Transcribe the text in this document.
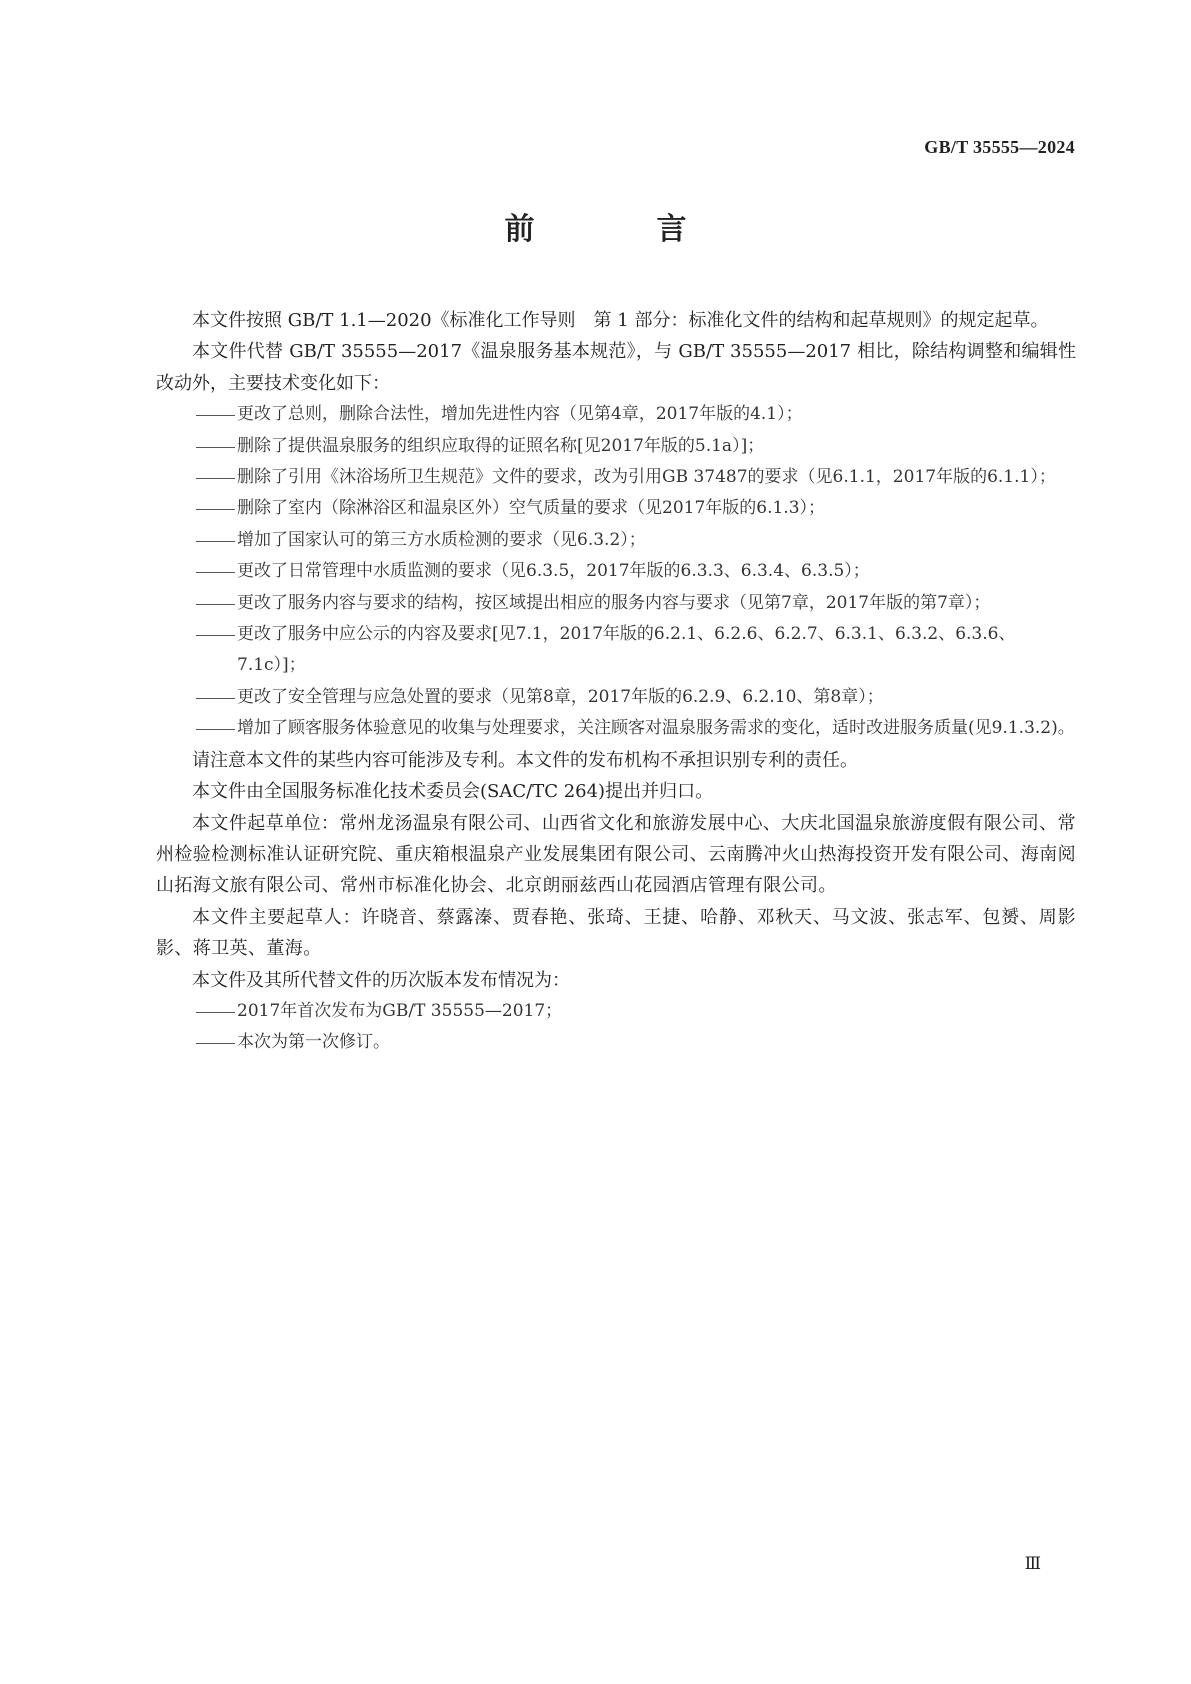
GB/T 35555—2024
前　言

本文件按照 GB/T 1.1—2020《标准化工作导则　第 1 部分：标准化文件的结构和起草规则》的规定起草。

本文件代替 GB/T 35555—2017《温泉服务基本规范》，与 GB/T 35555—2017 相比，除结构调整和编辑性改动外，主要技术变化如下：

更改了总则，删除合法性，增加先进性内容（见第4章，2017年版的4.1）；

删除了提供温泉服务的组织应取得的证照名称[见2017年版的5.1a）]；

删除了引用《沐浴场所卫生规范》文件的要求，改为引用GB 37487的要求（见6.1.1，2017年版的6.1.1）；

删除了室内（除淋浴区和温泉区外）空气质量的要求（见2017年版的6.1.3）；

增加了国家认可的第三方水质检测的要求（见6.3.2）；

更改了日常管理中水质监测的要求（见6.3.5，2017年版的6.3.3、6.3.4、6.3.5）；

更改了服务内容与要求的结构，按区域提出相应的服务内容与要求（见第7章，2017年版的第7章）；

更改了服务中应公示的内容及要求[见7.1，2017年版的6.2.1、6.2.6、6.2.7、6.3.1、6.3.2、6.3.6、7.1c）]；

更改了安全管理与应急处置的要求（见第8章，2017年版的6.2.9、6.2.10、第8章）；

增加了顾客服务体验意见的收集与处理要求，关注顾客对温泉服务需求的变化，适时改进服务质量(见9.1.3.2)。

请注意本文件的某些内容可能涉及专利。本文件的发布机构不承担识别专利的责任。

本文件由全国服务标准化技术委员会(SAC/TC 264)提出并归口。

本文件起草单位：常州龙汤温泉有限公司、山西省文化和旅游发展中心、大庆北国温泉旅游度假有限公司、常州检验检测标准认证研究院、重庆箱根温泉产业发展集团有限公司、云南腾冲火山热海投资开发有限公司、海南阅山拓海文旅有限公司、常州市标准化协会、北京朗丽兹西山花园酒店管理有限公司。

本文件主要起草人：许晓音、蔡露溱、贾春艳、张琦、王捷、哈静、邓秋天、马文波、张志军、包赟、周影影、蒋卫英、董海。

本文件及其所代替文件的历次版本发布情况为：

2017年首次发布为GB/T 35555—2017；

本次为第一次修订。

Ⅲ
